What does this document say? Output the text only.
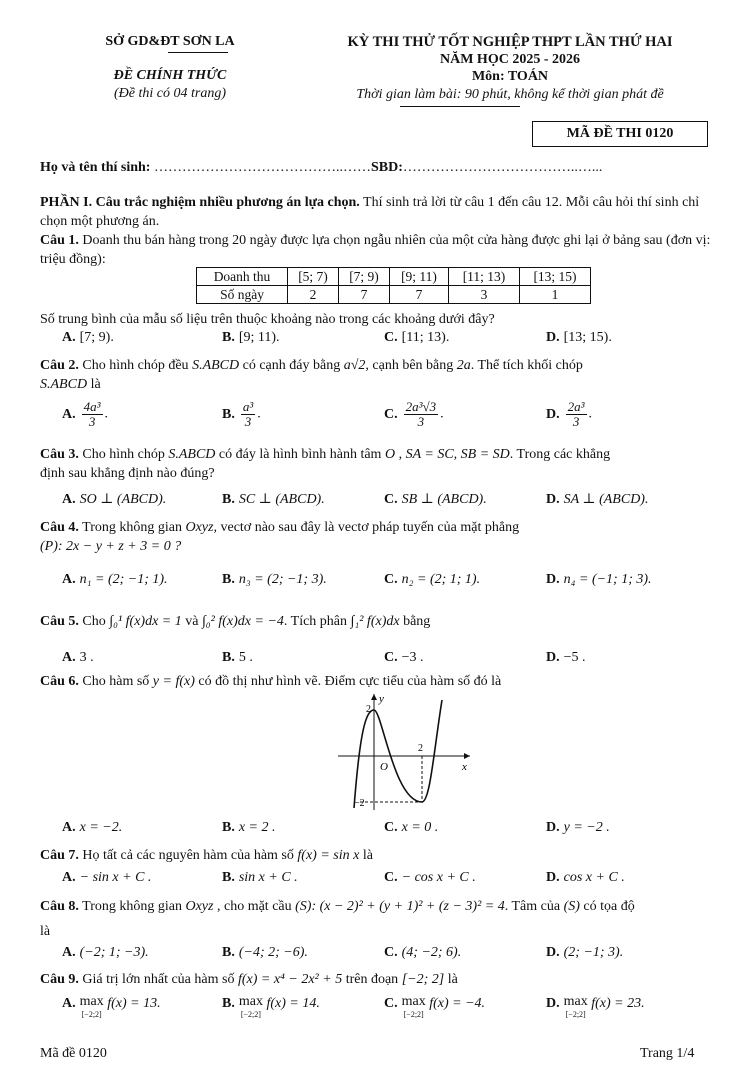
SỞ GD&ĐT SƠN LA
ĐỀ CHÍNH THỨC
(Đề thi có 04 trang)
KỲ THI THỬ TỐT NGHIỆP THPT LẦN THỨ HAI
NĂM HỌC 2025 - 2026
Môn: TOÁN
Thời gian làm bài: 90 phút, không kể thời gian phát đề
MÃ ĐỀ THI 0120
Họ và tên thí sinh: …………………………………..……SBD:………………………………..…...
PHẦN I. Câu trắc nghiệm nhiều phương án lựa chọn. Thí sinh trả lời từ câu 1 đến câu 12. Mỗi câu hỏi thí sinh chỉ chọn một phương án.
Câu 1. Doanh thu bán hàng trong 20 ngày được lựa chọn ngẫu nhiên của một cửa hàng được ghi lại ở bảng sau (đơn vị: triệu đồng):
Doanh thu	[5; 7)	[7; 9)	[9; 11)	[11; 13)	[13; 15)
Số ngày	2	7	7	3	1
Số trung bình của mẫu số liệu trên thuộc khoảng nào trong các khoảng dưới đây?
A. [7; 9).	B. [9; 11).	C. [11; 13).	D. [13; 15).
Câu 2. Cho hình chóp đều S.ABCD có cạnh đáy bằng a√2, cạnh bên bằng 2a. Thể tích khối chóp
S.ABCD là
A. $\frac{\text{4a³}}{3}$ .	B. $\frac{\text{a³}}{3}$ .	C. $\frac{\text{2a³√3}}{3}$ .	D. $\frac{\text{2a³}}{3}$ .
Câu 3. Cho hình chóp S.ABCD có đáy là hình bình hành tâm O , SA = SC, SB = SD. Trong các khẳng
định sau khẳng định nào đúng?
A. SO ⊥ (ABCD).	B. SC ⊥ (ABCD).	C. SB ⊥ (ABCD).	D. SA ⊥ (ABCD).
Câu 4. Trong không gian Oxyz, vectơ nào sau đây là vectơ pháp tuyến của mặt phẳng
(P): 2x − y + z + 3 = 0 ?
A. n₁ = (2; −1; 1).	B. n₃ = (2; −1; 3).	C. n₂ = (2; 1; 1).	D. n₄ = (−1; 1; 3).
Câu 5. Cho ∫₀¹ f(x)dx = 1 và ∫₀² f(x)dx = −4. Tích phân ∫₁² f(x)dx bằng
A. 3 .	B. 5 .	C. −3 .	D. −5 .
Câu 6. Cho hàm số y = f(x) có đồ thị như hình vẽ. Điểm cực tiểu của hàm số đó là
y
x
O
2
2
−2
A. x = −2.	B. x = 2 .	C. x = 0 .	D. y = −2 .
Câu 7. Họ tất cả các nguyên hàm của hàm số f(x) = sin x là
A. − sin x + C .	B. sin x + C .	C. − cos x + C .	D. cos x + C .
Câu 8. Trong không gian Oxyz , cho mặt cầu (S): (x − 2)² + (y + 1)² + (z − 3)² = 4. Tâm của (S) có tọa độ
là
A. (−2; 1; −3).	B. (−4; 2; −6).	C. (4; −2; 6).	D. (2; −1; 3).
Câu 9. Giá trị lớn nhất của hàm số f(x) = x⁴ − 2x² + 5 trên đoạn [−2; 2] là
A. max
[−2;2] f(x) = 13.	B. max
[−2;2] f(x) = 14.	C. max
[−2;2] f(x) = −4.	D. max
[−2;2] f(x) = 23.
Mã đề 0120	Trang 1/4
